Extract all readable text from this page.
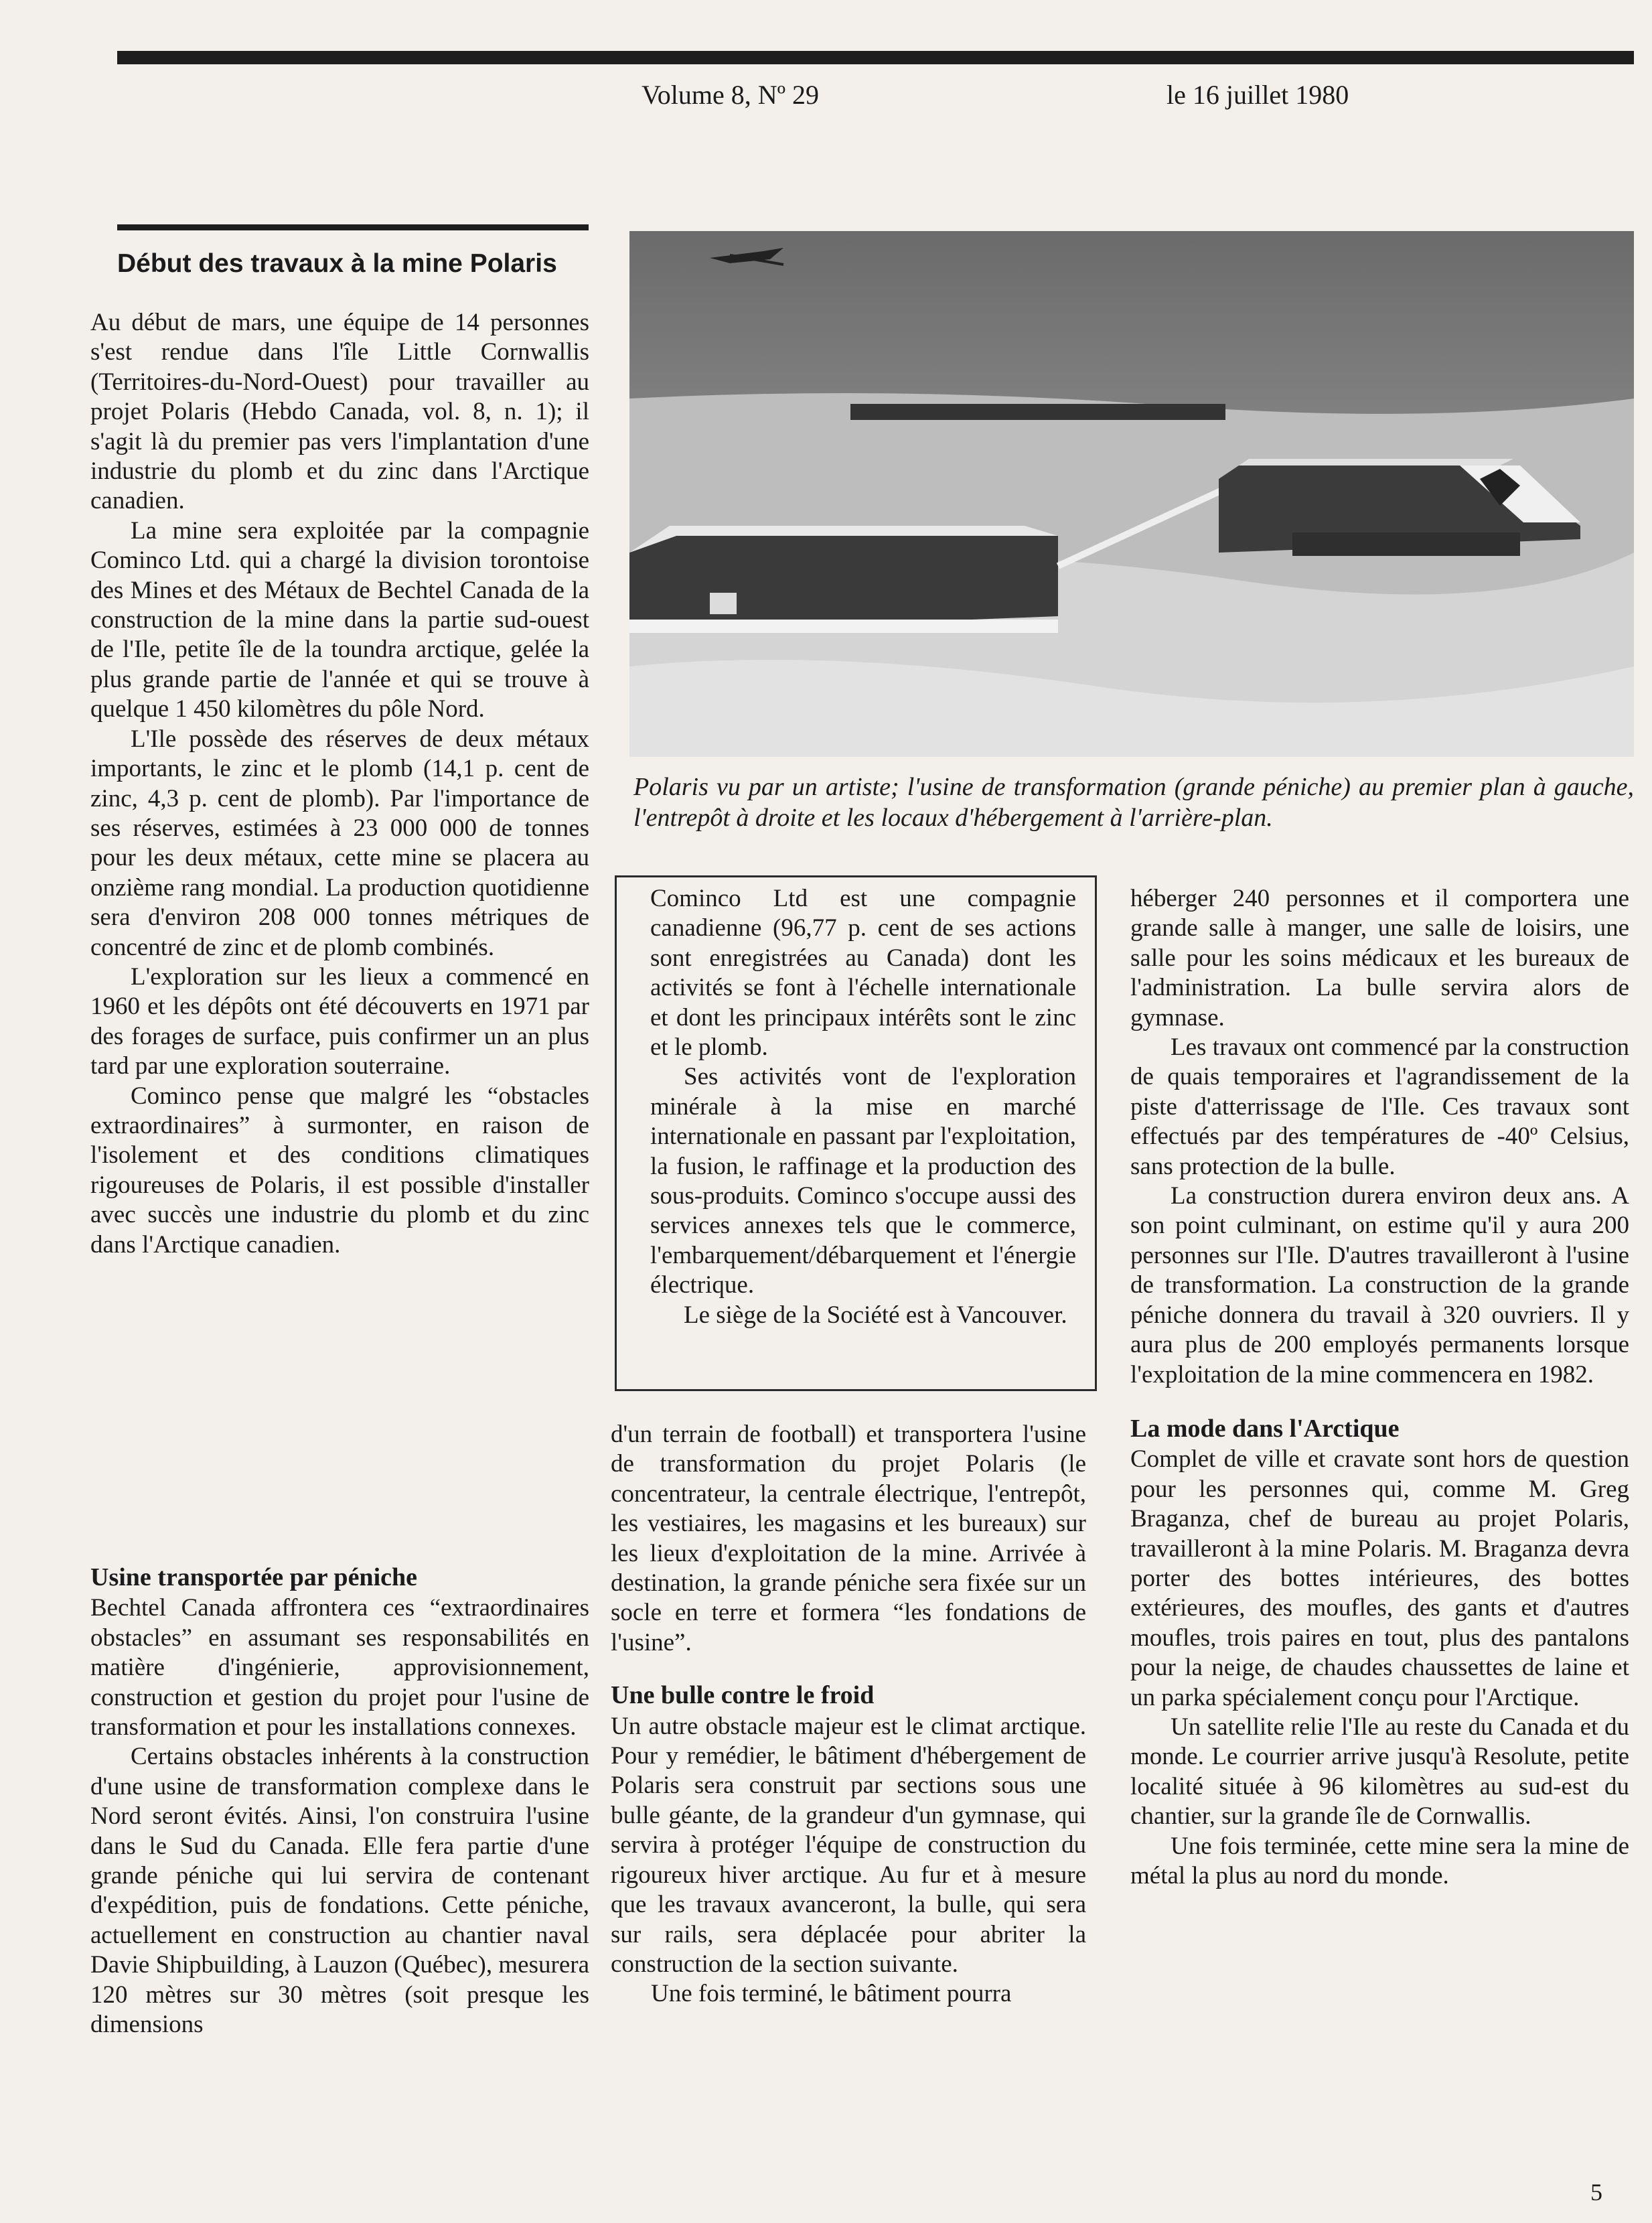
Volume 8, Nº 29	le 16 juillet 1980
Début des travaux à la mine Polaris

Au début de mars, une équipe de 14 personnes s'est rendue dans l'île Little Cornwallis (Territoires-du-Nord-Ouest) pour travailler au projet Polaris (Hebdo Canada, vol. 8, n. 1); il s'agit là du premier pas vers l'implantation d'une industrie du plomb et du zinc dans l'Arctique canadien.

La mine sera exploitée par la compagnie Cominco Ltd. qui a chargé la division torontoise des Mines et des Métaux de Bechtel Canada de la construction de la mine dans la partie sud-ouest de l'Ile, petite île de la toundra arctique, gelée la plus grande partie de l'année et qui se trouve à quelque 1 450 kilomètres du pôle Nord.

L'Ile possède des réserves de deux métaux importants, le zinc et le plomb (14,1 p. cent de zinc, 4,3 p. cent de plomb). Par l'importance de ses réserves, estimées à 23 000 000 de tonnes pour les deux métaux, cette mine se placera au onzième rang mondial. La production quotidienne sera d'environ 208 000 tonnes métriques de concentré de zinc et de plomb combinés.

L'exploration sur les lieux a commencé en 1960 et les dépôts ont été découverts en 1971 par des forages de surface, puis confirmer un an plus tard par une exploration souterraine.

Cominco pense que malgré les “obstacles extraordinaires” à surmonter, en raison de l'isolement et des conditions climatiques rigoureuses de Polaris, il est possible d'installer avec succès une industrie du plomb et du zinc dans l'Arctique canadien.

Usine transportée par péniche

Bechtel Canada affrontera ces “extraordinaires obstacles” en assumant ses responsabilités en matière d'ingénierie, approvisionnement, construction et gestion du projet pour l'usine de transformation et pour les installations connexes.

Certains obstacles inhérents à la construction d'une usine de transformation complexe dans le Nord seront évités. Ainsi, l'on construira l'usine dans le Sud du Canada. Elle fera partie d'une grande péniche qui lui servira de contenant d'expédition, puis de fondations. Cette péniche, actuellement en construction au chantier naval Davie Shipbuilding, à Lauzon (Québec), mesurera 120 mètres sur 30 mètres (soit presque les dimensions

Polaris vu par un artiste; l'usine de transformation (grande péniche) au premier plan à gauche, l'entrepôt à droite et les locaux d'hébergement à l'arrière-plan.

Cominco Ltd est une compagnie canadienne (96,77 p. cent de ses actions sont enregistrées au Canada) dont les activités se font à l'échelle internationale et dont les principaux intérêts sont le zinc et le plomb.

Ses activités vont de l'exploration minérale à la mise en marché internationale en passant par l'exploitation, la fusion, le raffinage et la production des sous-produits. Cominco s'occupe aussi des services annexes tels que le commerce, l'embarquement/débarquement et l'énergie électrique.

Le siège de la Société est à Vancouver.

d'un terrain de football) et transportera l'usine de transformation du projet Polaris (le concentrateur, la centrale électrique, l'entrepôt, les vestiaires, les magasins et les bureaux) sur les lieux d'exploitation de la mine. Arrivée à destination, la grande péniche sera fixée sur un socle en terre et formera “les fondations de l'usine”.

Une bulle contre le froid

Un autre obstacle majeur est le climat arctique. Pour y remédier, le bâtiment d'hébergement de Polaris sera construit par sections sous une bulle géante, de la grandeur d'un gymnase, qui servira à protéger l'équipe de construction du rigoureux hiver arctique. Au fur et à mesure que les travaux avanceront, la bulle, qui sera sur rails, sera déplacée pour abriter la construction de la section suivante.

Une fois terminé, le bâtiment pourra

héberger 240 personnes et il comportera une grande salle à manger, une salle de loisirs, une salle pour les soins médicaux et les bureaux de l'administration. La bulle servira alors de gymnase.

Les travaux ont commencé par la construction de quais temporaires et l'agrandissement de la piste d'atterrissage de l'Ile. Ces travaux sont effectués par des températures de -40º Celsius, sans protection de la bulle.

La construction durera environ deux ans. A son point culminant, on estime qu'il y aura 200 personnes sur l'Ile. D'autres travailleront à l'usine de transformation. La construction de la grande péniche donnera du travail à 320 ouvriers. Il y aura plus de 200 employés permanents lorsque l'exploitation de la mine commencera en 1982.

La mode dans l'Arctique

Complet de ville et cravate sont hors de question pour les personnes qui, comme M. Greg Braganza, chef de bureau au projet Polaris, travailleront à la mine Polaris. M. Braganza devra porter des bottes intérieures, des bottes extérieures, des moufles, des gants et d'autres moufles, trois paires en tout, plus des pantalons pour la neige, de chaudes chaussettes de laine et un parka spécialement conçu pour l'Arctique.

Un satellite relie l'Ile au reste du Canada et du monde. Le courrier arrive jusqu'à Resolute, petite localité située à 96 kilomètres au sud-est du chantier, sur la grande île de Cornwallis.

Une fois terminée, cette mine sera la mine de métal la plus au nord du monde.

5
